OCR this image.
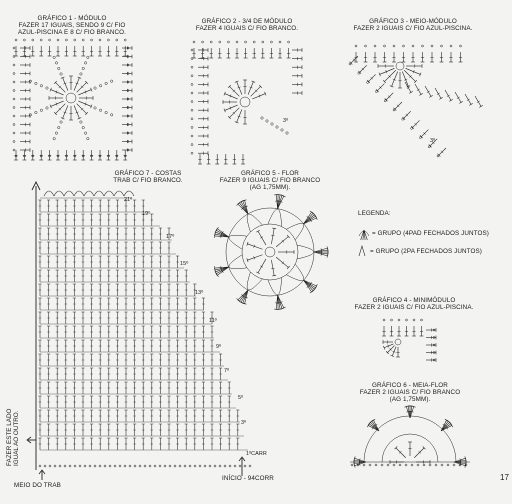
GRÁFICO 1 - MÓDULO
FAZER 17 IGUAIS, SENDO 9 C/ FIO
AZUL-PISCINA E 8 C/ FIO BRANCO.
GRÁFICO 2 - 3/4 DE MÓDULO
FAZER 4 IGUAIS C/ FIO BRANCO.
3º
GRÁFICO 3 - MEIO-MÓDULO
FAZER 2 IGUAIS C/ FIO AZUL-PISCINA.
3º
GRÁFICO 7 - COSTAS
TRAB C/ FIO BRANCO.
21º
19º
17º
15º
13º
11º
9º
7º
5º
3º
1ºCARR
INÍCIO - 94CORR
MEIO DO TRAB
FAZER ESTE LADO IGUAL AO OUTRO.
GRÁFICO 5 - FLOR
FAZER 9 IGUAIS C/ FIO BRANCO
(AG 1,75MM).
LEGENDA:
= GRUPO (4PAD FECHADOS JUNTOS)
= GRUPO (2PA FECHADOS JUNTOS)
GRÁFICO 4 - MINIMÓDULO
FAZER 2 IGUAIS C/ FIO AZUL-PISCINA.
GRÁFICO 6 - MEIA-FLOR
FAZER 2 IGUAIS C/ FIO BRANCO
(AG 1,75MM).
17
